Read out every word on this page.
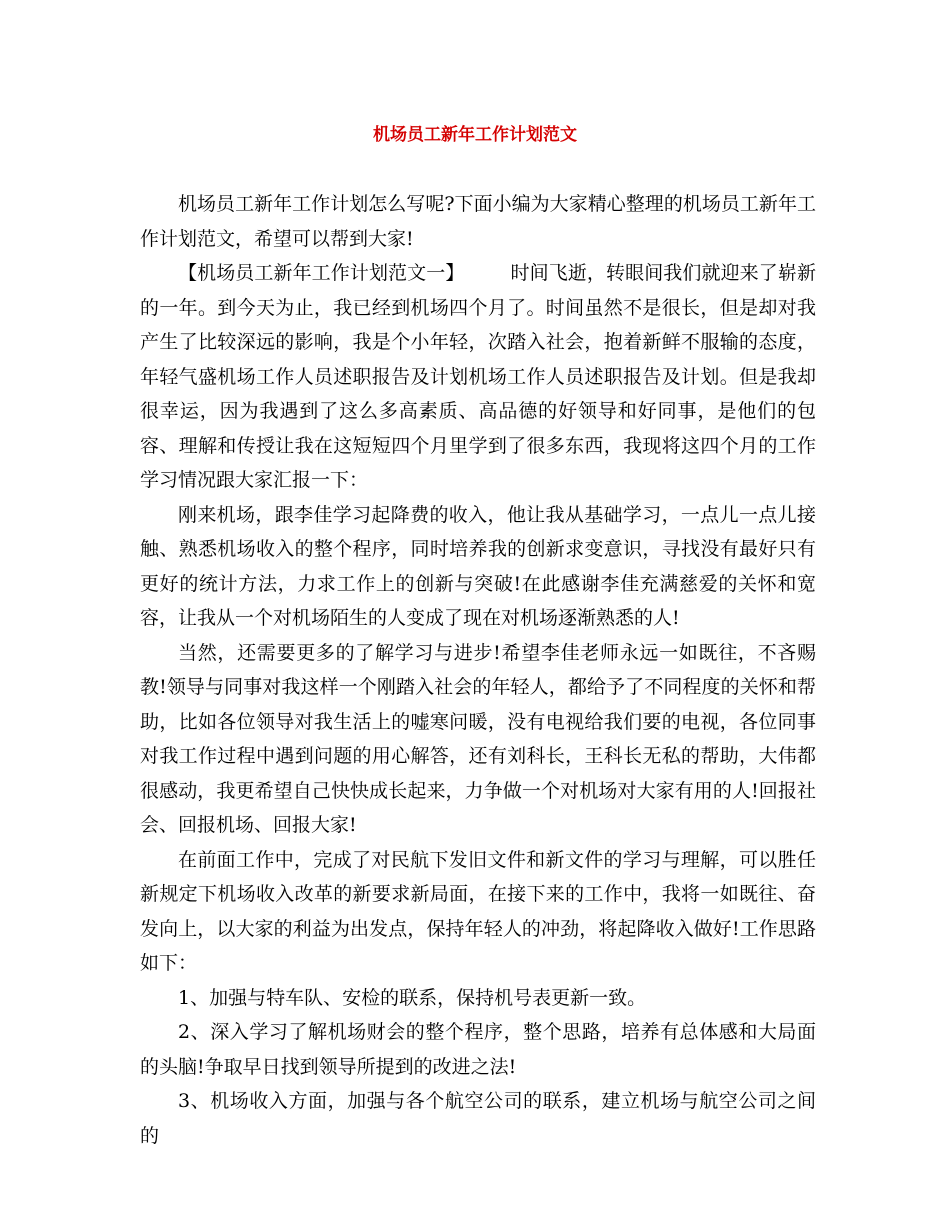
机场员工新年工作计划范文

机场员工新年工作计划怎么写呢?下面小编为大家精心整理的机场员工新年工作计划范文，希望可以帮到大家!

【机场员工新年工作计划范文一】 时间飞逝，转眼间我们就迎来了崭新的一年。到今天为止，我已经到机场四个月了。时间虽然不是很长，但是却对我产生了比较深远的影响，我是个小年轻，次踏入社会，抱着新鲜不服输的态度，年轻气盛机场工作人员述职报告及计划机场工作人员述职报告及计划。但是我却很幸运，因为我遇到了这么多高素质、高品德的好领导和好同事，是他们的包容、理解和传授让我在这短短四个月里学到了很多东西，我现将这四个月的工作学习情况跟大家汇报一下：

刚来机场，跟李佳学习起降费的收入，他让我从基础学习，一点儿一点儿接触、熟悉机场收入的整个程序，同时培养我的创新求变意识，寻找没有最好只有更好的统计方法，力求工作上的创新与突破!在此感谢李佳充满慈爱的关怀和宽容，让我从一个对机场陌生的人变成了现在对机场逐渐熟悉的人!

当然，还需要更多的了解学习与进步!希望李佳老师永远一如既往，不吝赐教!领导与同事对我这样一个刚踏入社会的年轻人，都给予了不同程度的关怀和帮助，比如各位领导对我生活上的嘘寒问暖，没有电视给我们要的电视，各位同事对我工作过程中遇到问题的用心解答，还有刘科长，王科长无私的帮助，大伟都很感动，我更希望自己快快成长起来，力争做一个对机场对大家有用的人!回报社会、回报机场、回报大家!

在前面工作中，完成了对民航下发旧文件和新文件的学习与理解，可以胜任新规定下机场收入改革的新要求新局面，在接下来的工作中，我将一如既往、奋发向上，以大家的利益为出发点，保持年轻人的冲劲，将起降收入做好!工作思路如下：

1、加强与特车队、安检的联系，保持机号表更新一致。

2、深入学习了解机场财会的整个程序，整个思路，培养有总体感和大局面的头脑!争取早日找到领导所提到的改进之法!

3、机场收入方面，加强与各个航空公司的联系，建立机场与航空公司之间的
